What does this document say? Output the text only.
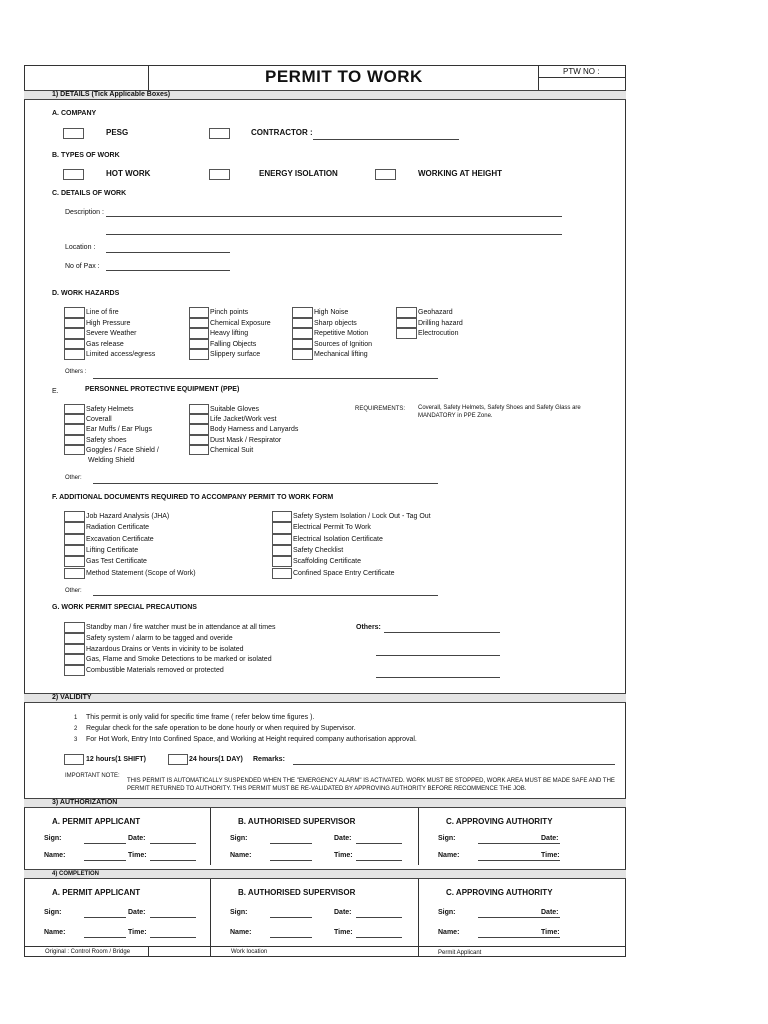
PERMIT TO WORK	PTW NO :
1) DETAILS (Tick Applicable Boxes)
A. COMPANY
PESG	CONTRACTOR :
B. TYPES OF WORK
HOT WORK	ENERGY ISOLATION	WORKING AT HEIGHT
C. DETAILS OF WORK
Description :
Location :
No of Pax :
D. WORK HAZARDS
Line of fire
High Pressure
Severe Weather
Gas release
Limited access/egress
Pinch points
Chemical Exposure
Heavy lifting
Falling Objects
Slippery surface
High Noise
Sharp objects
Repetitive Motion
Sources of Ignition
Mechanical lifting
Geohazard
Drilling hazard
Electrocution
Others :
E.	PERSONNEL PROTECTIVE EQUIPMENT (PPE)
Safety Helmets
Coverall
Ear Muffs / Ear Plugs
Safety shoes
Goggles / Face Shield /
Suitable Gloves
Life Jacket/Work vest
Body Harness and Lanyards
Dust Mask / Respirator
Chemical Suit
Welding Shield
REQUIREMENTS: Coverall, Safety Helmets, Safety Shoes and Safety Glass are MANDATORY in PPE Zone.
Other:
F. ADDITIONAL DOCUMENTS REQUIRED TO ACCOMPANY PERMIT TO WORK FORM
Job Hazard Analysis (JHA)
Radiation Certificate
Excavation Certificate
Lifting Certificate
Gas Test Certificate
Method Statement (Scope of Work)
Safety System Isolation / Lock Out - Tag Out
Electrical Permit To Work
Electrical Isolation Certificate
Safety Checklist
Scaffolding Certificate
Confined Space Entry Certificate
Other:
G. WORK PERMIT SPECIAL PRECAUTIONS
Standby man / fire watcher must be in attendance at all times
Safety system / alarm to be tagged and overide
Hazardous Drains or Vents in vicinity to be isolated
Gas, Flame and Smoke Detections to be marked or isolated
Combustible Materials removed or protected
Others:
2) VALIDITY
1 This permit is only valid for specific time frame ( refer below time figures ).
2 Regular check for the safe operation to be done hourly or when required by Supervisor.
3 For Hot Work, Entry Into Confined Space, and Working at Height required company authorisation approval.
12 hours(1 SHIFT)	24 hours(1 DAY) Remarks:
IMPORTANT NOTE:
THIS PERMIT IS AUTOMATICALLY SUSPENDED WHEN THE "EMERGENCY ALARM" IS ACTIVATED. WORK MUST BE STOPPED, WORK AREA MUST BE MADE SAFE AND THE PERMIT RETURNED TO AUTHORITY. THIS PERMIT MUST BE RE-VALIDATED BY APPROVING AUTHORITY BEFORE RECOMMENCE THE JOB.
3) AUTHORIZATION
A. PERMIT APPLICANT	B. AUTHORISED SUPERVISOR	C. APPROVING AUTHORITY
Sign:	Date:
Name:	Time:
Sign:	Date:
Name:	Time:
Sign:	Date:
Name:	Time:
4) COMPLETION
A. PERMIT APPLICANT	B. AUTHORISED SUPERVISOR	C. APPROVING AUTHORITY
Sign:	Date:
Name:	Time:
Sign:	Date:
Name:	Time:
Sign:	Date:
Name:	Time:
Original : Control Room / Bridge	Work location	Permit Applicant
